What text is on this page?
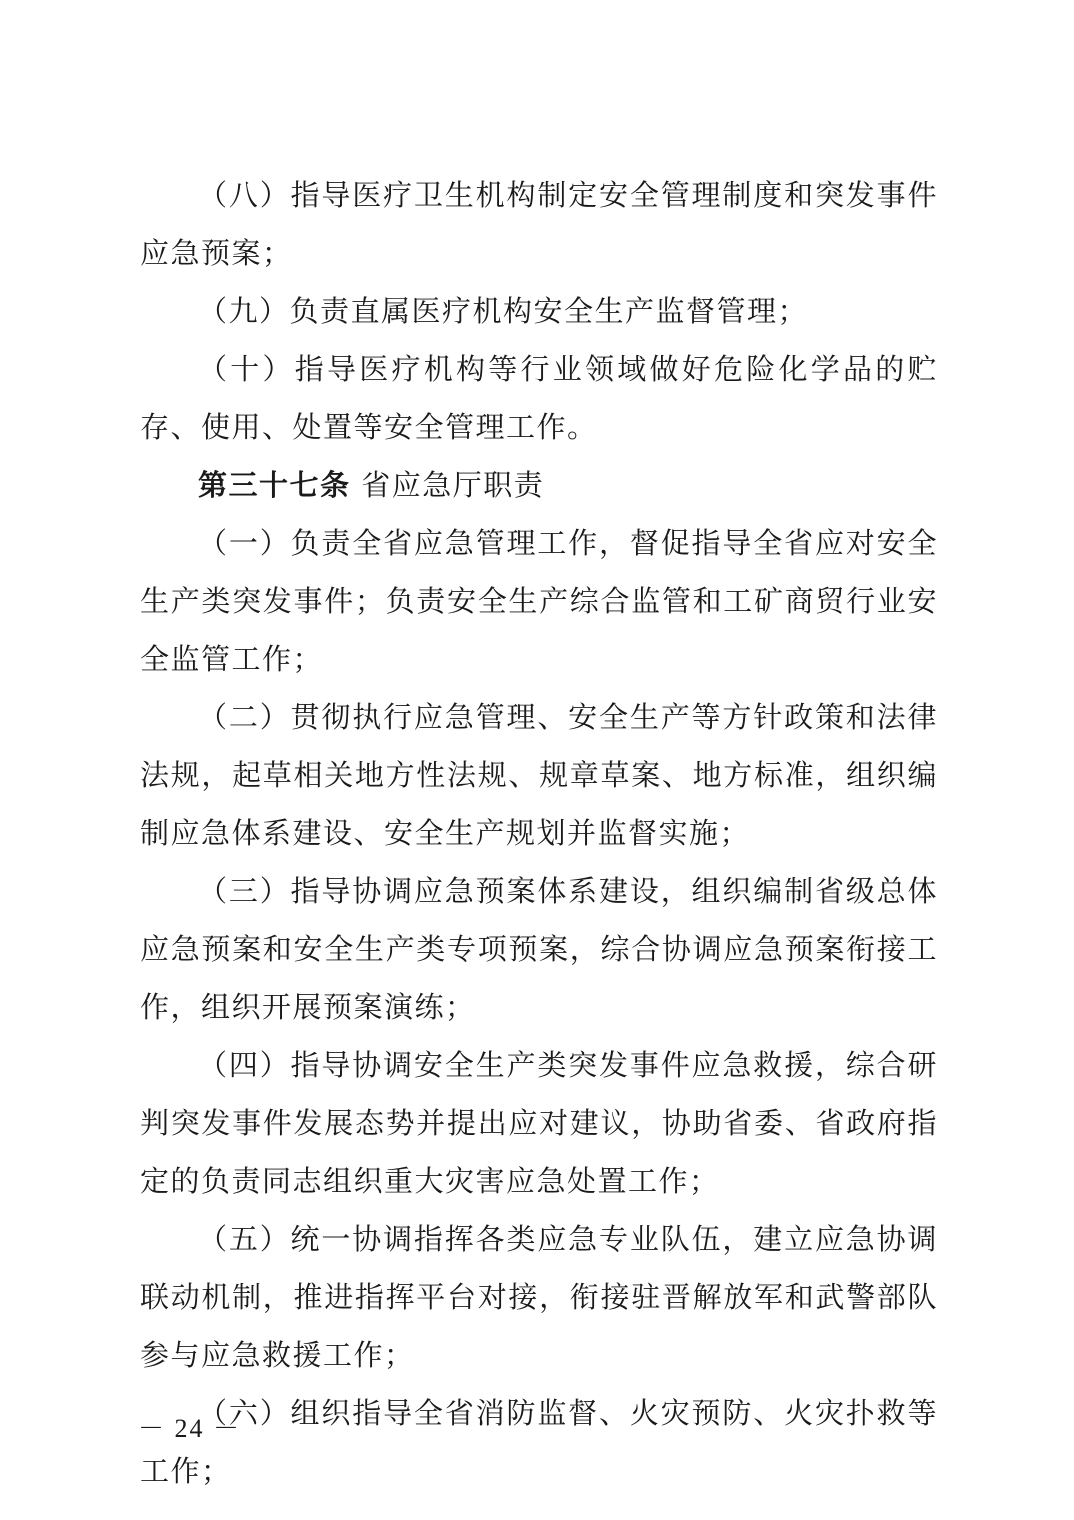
（八）指导医疗卫生机构制定安全管理制度和突发事件应急预案；

（九）负责直属医疗机构安全生产监督管理；

（十）指导医疗机构等行业领域做好危险化学品的贮存、使用、处置等安全管理工作。

第三十七条 省应急厅职责

（一）负责全省应急管理工作，督促指导全省应对安全生产类突发事件；负责安全生产综合监管和工矿商贸行业安全监管工作；

（二）贯彻执行应急管理、安全生产等方针政策和法律法规，起草相关地方性法规、规章草案、地方标准，组织编制应急体系建设、安全生产规划并监督实施；

（三）指导协调应急预案体系建设，组织编制省级总体应急预案和安全生产类专项预案，综合协调应急预案衔接工作，组织开展预案演练；

（四）指导协调安全生产类突发事件应急救援，综合研判突发事件发展态势并提出应对建议，协助省委、省政府指定的负责同志组织重大灾害应急处置工作；

（五）统一协调指挥各类应急专业队伍，建立应急协调联动机制，推进指挥平台对接，衔接驻晋解放军和武警部队参与应急救援工作；

（六）组织指导全省消防监督、火灾预防、火灾扑救等工作；

－ 24 －
